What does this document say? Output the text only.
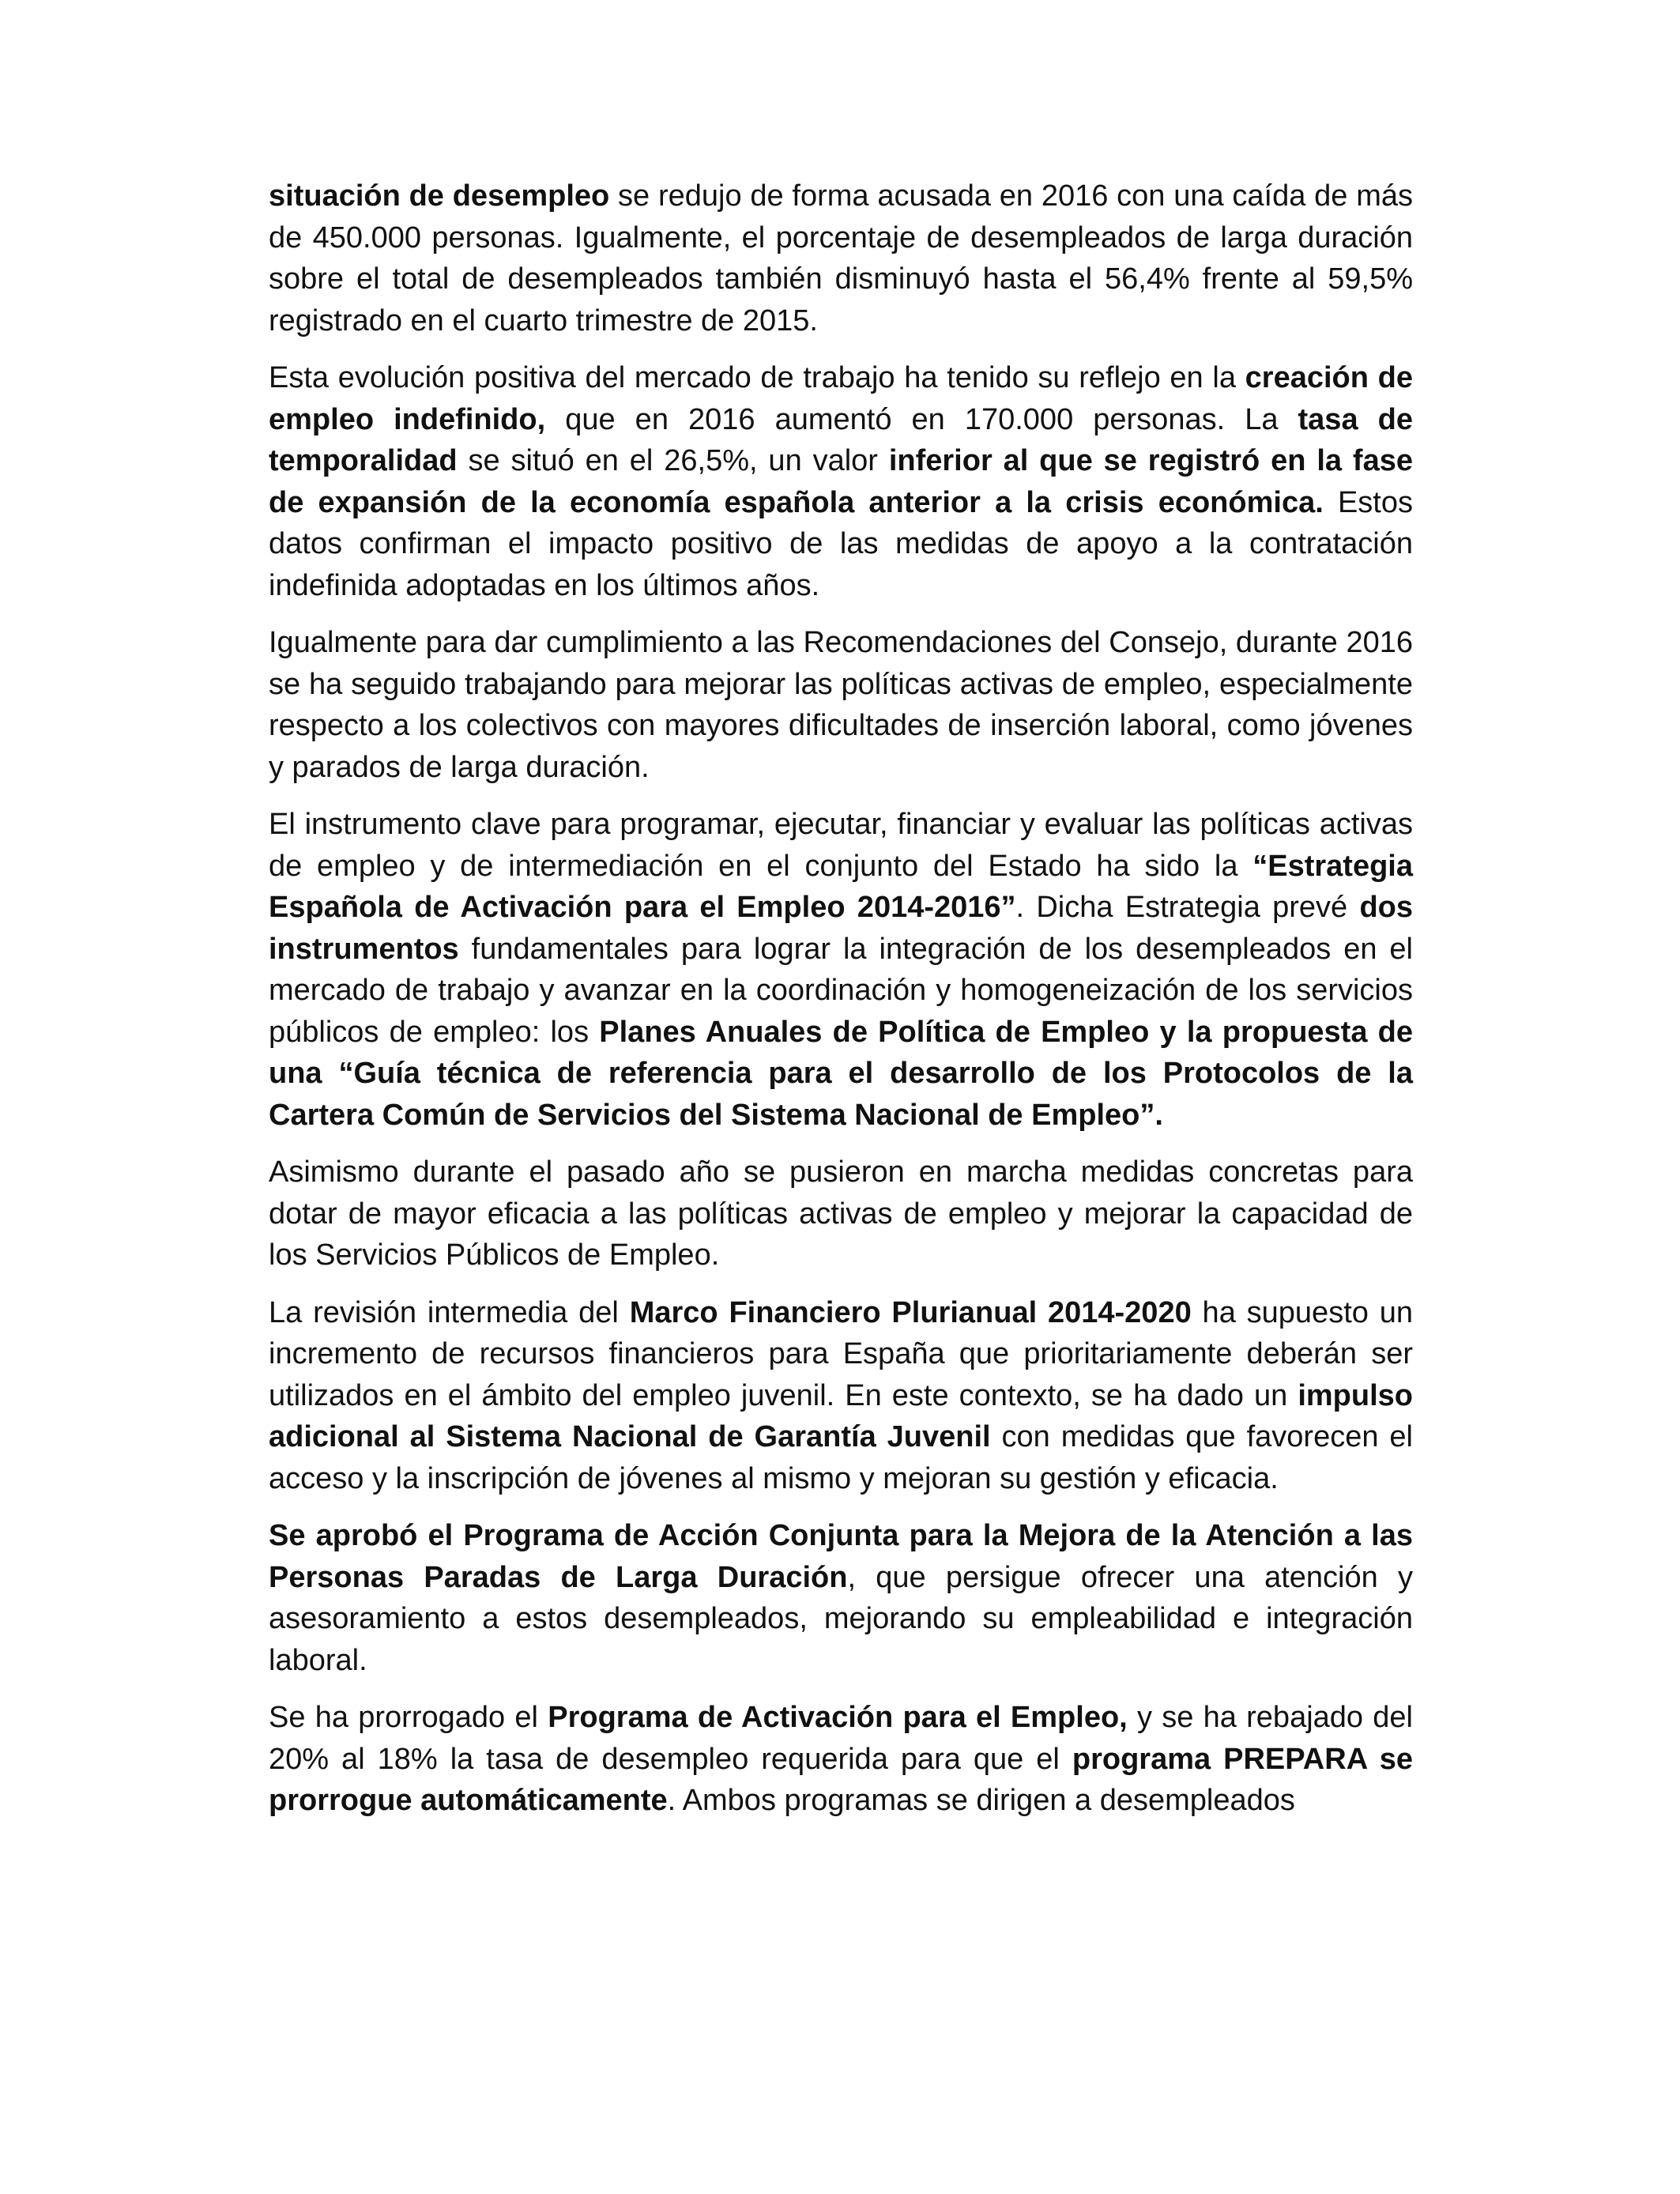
situación de desempleo se redujo de forma acusada en 2016 con una caída de más de 450.000 personas. Igualmente, el porcentaje de desempleados de larga duración sobre el total de desempleados también disminuyó hasta el 56,4% frente al 59,5% registrado en el cuarto trimestre de 2015.

Esta evolución positiva del mercado de trabajo ha tenido su reflejo en la creación de empleo indefinido, que en 2016 aumentó en 170.000 personas. La tasa de temporalidad se situó en el 26,5%, un valor inferior al que se registró en la fase de expansión de la economía española anterior a la crisis económica. Estos datos confirman el impacto positivo de las medidas de apoyo a la contratación indefinida adoptadas en los últimos años.

Igualmente para dar cumplimiento a las Recomendaciones del Consejo, durante 2016 se ha seguido trabajando para mejorar las políticas activas de empleo, especialmente respecto a los colectivos con mayores dificultades de inserción laboral, como jóvenes y parados de larga duración.

El instrumento clave para programar, ejecutar, financiar y evaluar las políticas activas de empleo y de intermediación en el conjunto del Estado ha sido la “Estrategia Española de Activación para el Empleo 2014-2016”. Dicha Estrategia prevé dos instrumentos fundamentales para lograr la integración de los desempleados en el mercado de trabajo y avanzar en la coordinación y homogeneización de los servicios públicos de empleo: los Planes Anuales de Política de Empleo y la propuesta de una “Guía técnica de referencia para el desarrollo de los Protocolos de la Cartera Común de Servicios del Sistema Nacional de Empleo”.

Asimismo durante el pasado año se pusieron en marcha medidas concretas para dotar de mayor eficacia a las políticas activas de empleo y mejorar la capacidad de los Servicios Públicos de Empleo.

La revisión intermedia del Marco Financiero Plurianual 2014-2020 ha supuesto un incremento de recursos financieros para España que prioritariamente deberán ser utilizados en el ámbito del empleo juvenil. En este contexto, se ha dado un impulso adicional al Sistema Nacional de Garantía Juvenil con medidas que favorecen el acceso y la inscripción de jóvenes al mismo y mejoran su gestión y eficacia.

Se aprobó el Programa de Acción Conjunta para la Mejora de la Atención a las Personas Paradas de Larga Duración, que persigue ofrecer una atención y asesoramiento a estos desempleados, mejorando su empleabilidad e integración laboral.

Se ha prorrogado el Programa de Activación para el Empleo, y se ha rebajado del 20% al 18% la tasa de desempleo requerida para que el programa PREPARA se prorrogue automáticamente. Ambos programas se dirigen a desempleados
